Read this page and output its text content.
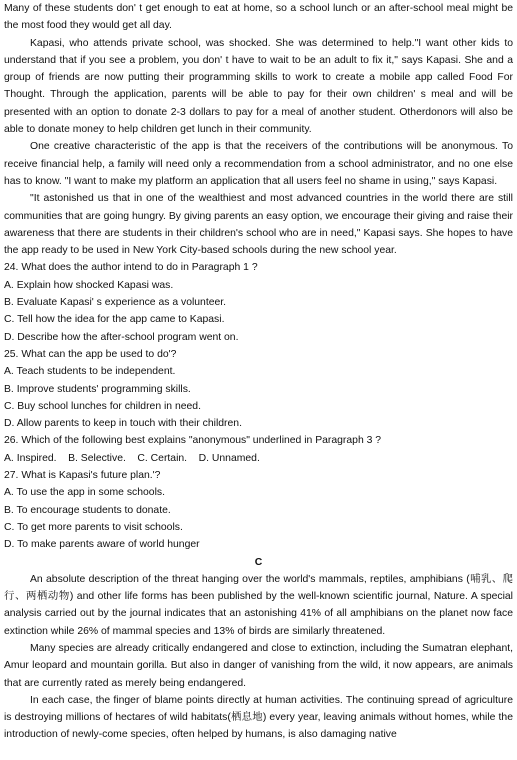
Many of these students don' t get enough to eat at home, so a school lunch or an after-school meal might be the most food they would get all day.

Kapasi, who attends private school, was shocked. She was determined to help."I want other kids to understand that if you see a problem, you don' t have to wait to be an adult to fix it," says Kapasi. She and a group of friends are now putting their programming skills to work to create a mobile app called Food For Thought. Through the application, parents will be able to pay for their own children' s meal and will be presented with an option to donate 2-3 dollars to pay for a meal of another student. Otherdonors will also be able to donate money to help children get lunch in their community.

One creative characteristic of the app is that the receivers of the contributions will be anonymous. To receive financial help, a family will need only a recommendation from a school administrator, and no one else has to know. "I want to make my platform an application that all users feel no shame in using," says Kapasi.

"It astonished us that in one of the wealthiest and most advanced countries in the world there are still communities that are going hungry. By giving parents an easy option, we encourage their giving and raise their awareness that there are students in their children's school who are in need," Kapasi says. She hopes to have the app ready to be used in New York City-based schools during the new school year.

24. What does the author intend to do in Paragraph 1 ?

A. Explain how shocked Kapasi was.

B. Evaluate Kapasi' s experience as a volunteer.

C. Tell how the idea for the app came to Kapasi.

D. Describe how the after-school program went on.

25. What can the app be used to do'?

A. Teach students to be independent.

B. Improve students' programming skills.

C. Buy school lunches for children in need.

D. Allow parents to keep in touch with their children.

26. Which of the following best explains "anonymous" underlined in Paragraph 3 ?

A. Inspired.    B. Selective.    C. Certain.    D. Unnamed.

27. What is Kapasi's future plan.'?

A. To use the app in some schools.

B. To encourage students to donate.

C. To get more parents to visit schools.

D. To make parents aware of world hunger

C

An absolute description of the threat hanging over the world's mammals, reptiles, amphibians (哺乳、爬行、两栖动物) and other life forms has been published by the well-known scientific journal, Nature. A special analysis carried out by the journal indicates that an astonishing 41% of all amphibians on the planet now face extinction while 26% of mammal species and 13% of birds are similarly threatened.

Many species are already critically endangered and close to extinction, including the Sumatran elephant, Amur leopard and mountain gorilla. But also in danger of vanishing from the wild, it now appears, are animals that are currently rated as merely being endangered.

In each case, the finger of blame points directly at human activities. The continuing spread of agriculture is destroying millions of hectares of wild habitats(栖息地) every year, leaving animals without homes, while the introduction of newly-come species, often helped by humans, is also damaging native
